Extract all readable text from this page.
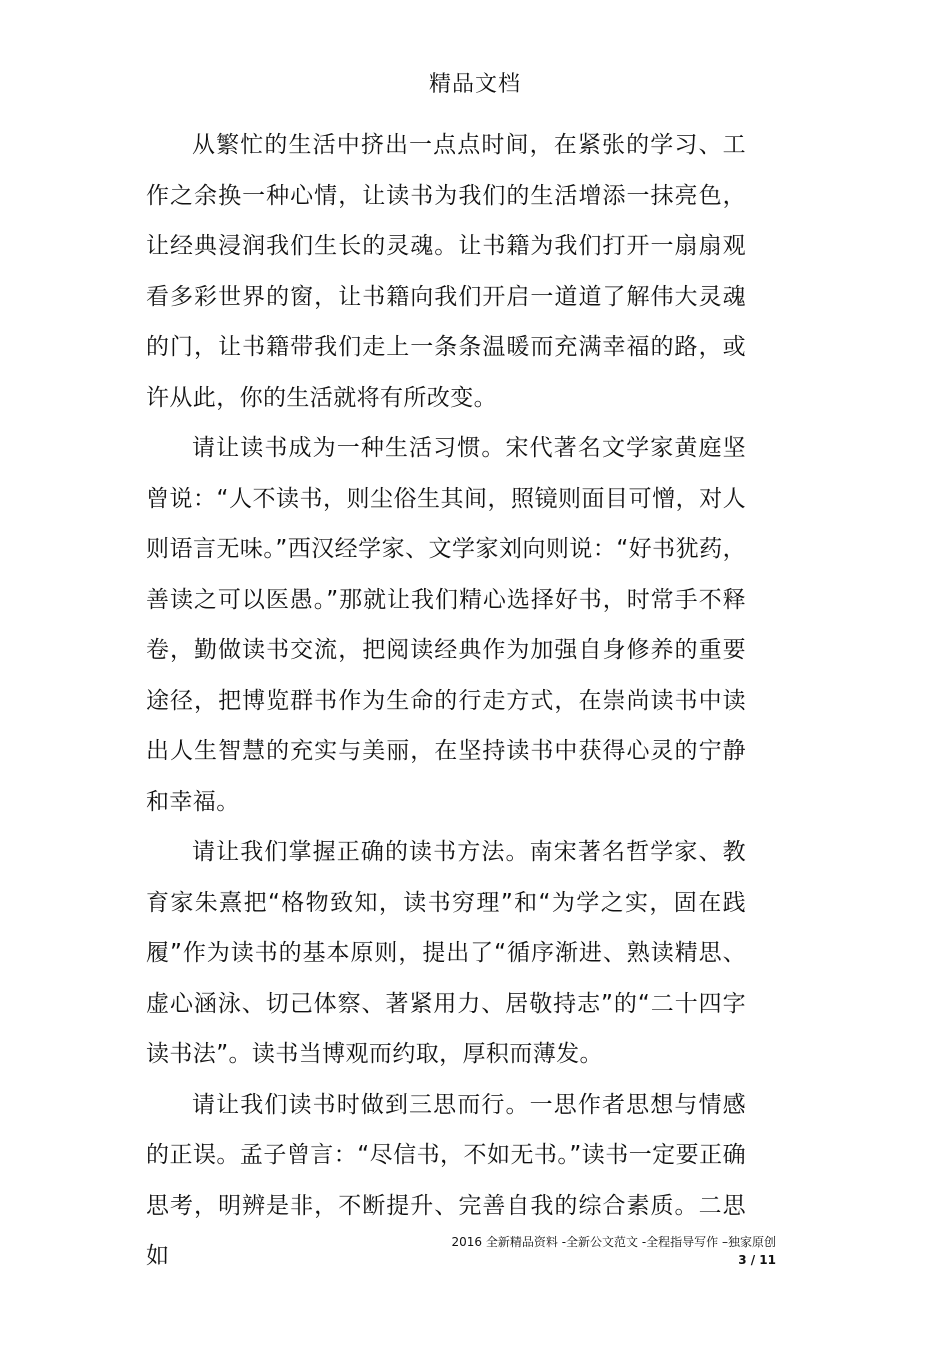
精品文档

从繁忙的生活中挤出一点点时间，在紧张的学习、工作之余换一种心情，让读书为我们的生活增添一抹亮色，让经典浸润我们生长的灵魂。让书籍为我们打开一扇扇观看多彩世界的窗，让书籍向我们开启一道道了解伟大灵魂的门，让书籍带我们走上一条条温暖而充满幸福的路，或许从此，你的生活就将有所改变。

请让读书成为一种生活习惯。宋代著名文学家黄庭坚曾说：“人不读书，则尘俗生其间，照镜则面目可憎，对人则语言无味。”西汉经学家、文学家刘向则说：“好书犹药，善读之可以医愚。”那就让我们精心选择好书，时常手不释卷，勤做读书交流，把阅读经典作为加强自身修养的重要途径，把博览群书作为生命的行走方式，在崇尚读书中读出人生智慧的充实与美丽，在坚持读书中获得心灵的宁静和幸福。

请让我们掌握正确的读书方法。南宋著名哲学家、教育家朱熹把“格物致知，读书穷理”和“为学之实，固在践履”作为读书的基本原则，提出了“循序渐进、熟读精思、虚心涵泳、切己体察、著紧用力、居敬持志”的“二十四字读书法”。读书当博观而约取，厚积而薄发。

请让我们读书时做到三思而行。一思作者思想与情感的正误。孟子曾言：“尽信书，不如无书。”读书一定要正确思考，明辨是非，不断提升、完善自我的综合素质。二思如

2016 全新精品资料 -全新公文范文 -全程指导写作 –独家原创
3 / 11
